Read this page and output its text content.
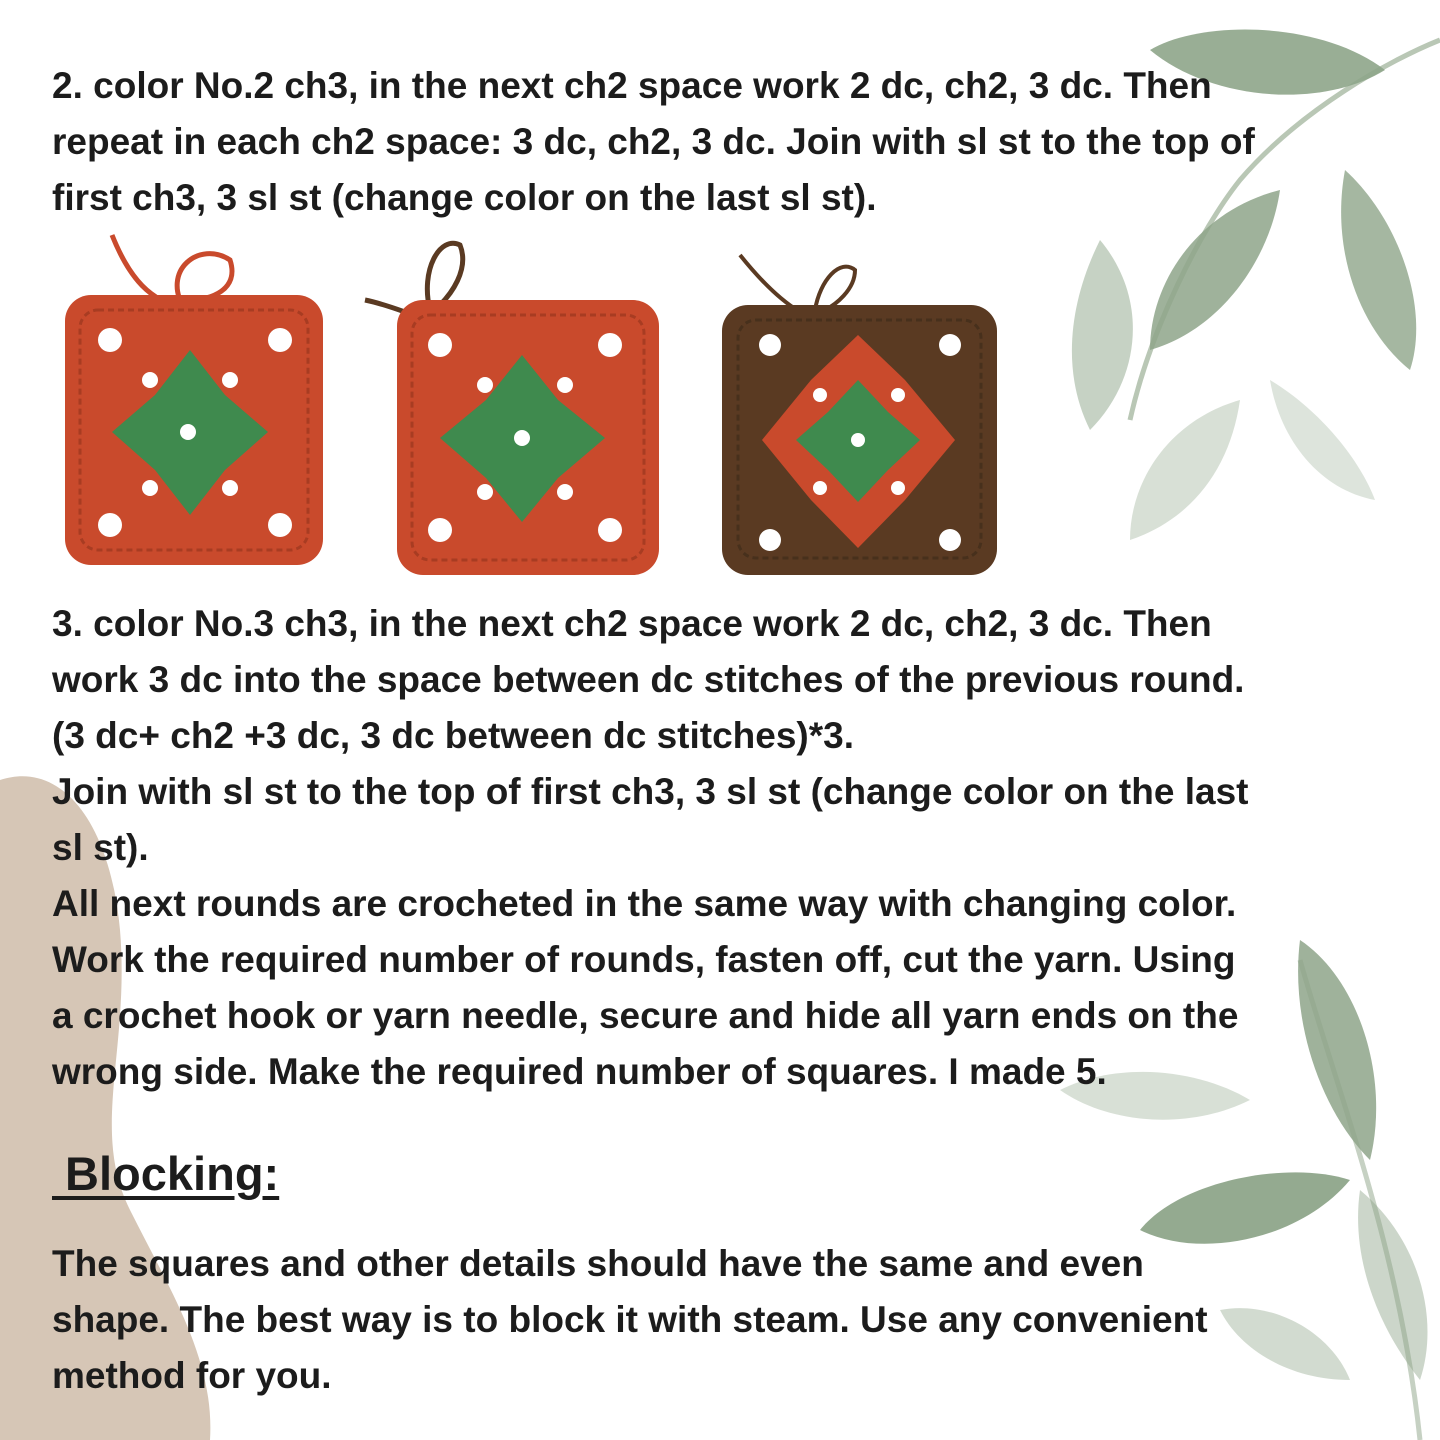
2. color No.2 ch3, in the next ch2 space work 2 dc, ch2, 3 dc. Then
repeat in each ch2 space: 3 dc, ch2, 3 dc. Join with sl st to the top of
first ch3, 3 sl st (change color on the last sl st).

3. color No.3 ch3, in the next ch2 space work 2 dc, ch2, 3 dc. Then
work 3 dc into the space between dc stitches of the previous round.
(3 dc+ ch2 +3 dc, 3 dc between dc stitches)*3.
Join with sl st to the top of first ch3, 3 sl st (change color on the last
sl st).
All next rounds are crocheted in the same way with changing color.
Work the required number of rounds, fasten off, cut the yarn. Using
a crochet hook or yarn needle, secure and hide all yarn ends on the
wrong side. Make the required number of squares. I made 5.

Blocking:

The squares and other details should have the same and even
shape. The best way is to block it with steam. Use any convenient
method for you.
